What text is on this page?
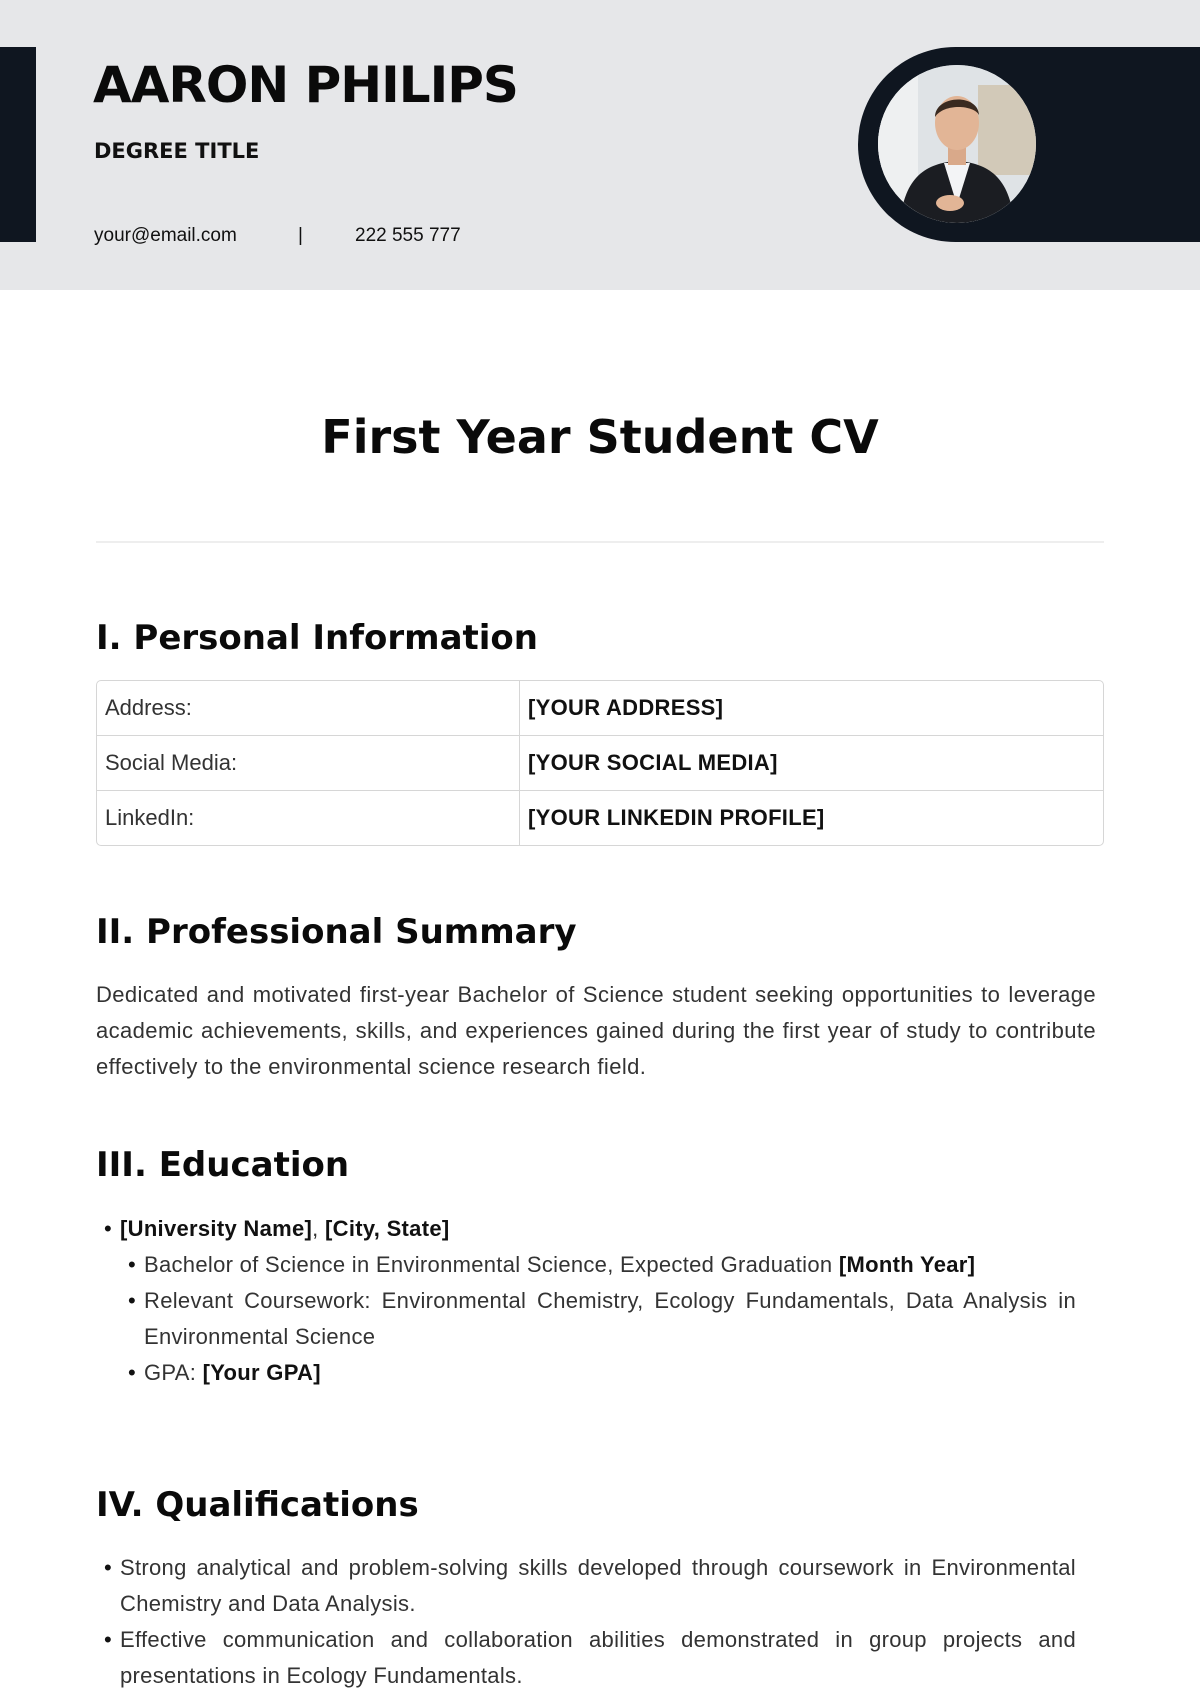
AARON PHILIPS
DEGREE TITLE
your@email.com	|	222 555 777
First Year Student CV
I. Personal Information
Address:	[YOUR ADDRESS]
Social Media:	[YOUR SOCIAL MEDIA]
LinkedIn:	[YOUR LINKEDIN PROFILE]
II. Professional Summary

Dedicated and motivated first-year Bachelor of Science student seeking opportunities to leverage academic achievements, skills, and experiences gained during the first year of study to contribute effectively to the environmental science research field.

III. Education
• [University Name], [City, State]
• Bachelor of Science in Environmental Science, Expected Graduation [Month Year]
• Relevant Coursework: Environmental Chemistry, Ecology Fundamentals, Data Analysis in Environmental Science
• GPA: [Your GPA]
IV. Qualifications
• Strong analytical and problem-solving skills developed through coursework in Environmental Chemistry and Data Analysis.
• Effective communication and collaboration abilities demonstrated in group projects and presentations in Ecology Fundamentals.
